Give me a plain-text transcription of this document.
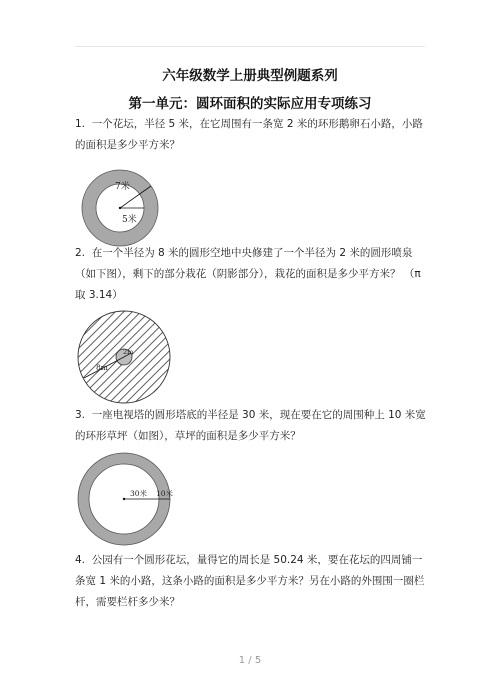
六年级数学上册典型例题系列
第一单元：圆环面积的实际应用专项练习
1.  一个花坛，半径 5 米，在它周围有一条宽 2 米的环形鹅卵石小路，小路的面积是多少平方米？
7米
5米
2.  在一个半径为 8 米的圆形空地中央修建了一个半径为 2 米的圆形喷泉（如下图），剩下的部分栽花（阴影部分），栽花的面积是多少平方米？ （π 取 3.14）
8m
2m
3.  一座电视塔的圆形塔底的半径是 30 米，现在要在它的周围种上 10 米宽的环形草坪（如图），草坪的面积是多少平方米？
30米 10米
4.  公园有一个圆形花坛，量得它的周长是 50.24 米，要在花坛的四周铺一条宽 1 米的小路，这条小路的面积是多少平方米？另在小路的外围围一圈栏杆，需要栏杆多少米？
1 / 5
